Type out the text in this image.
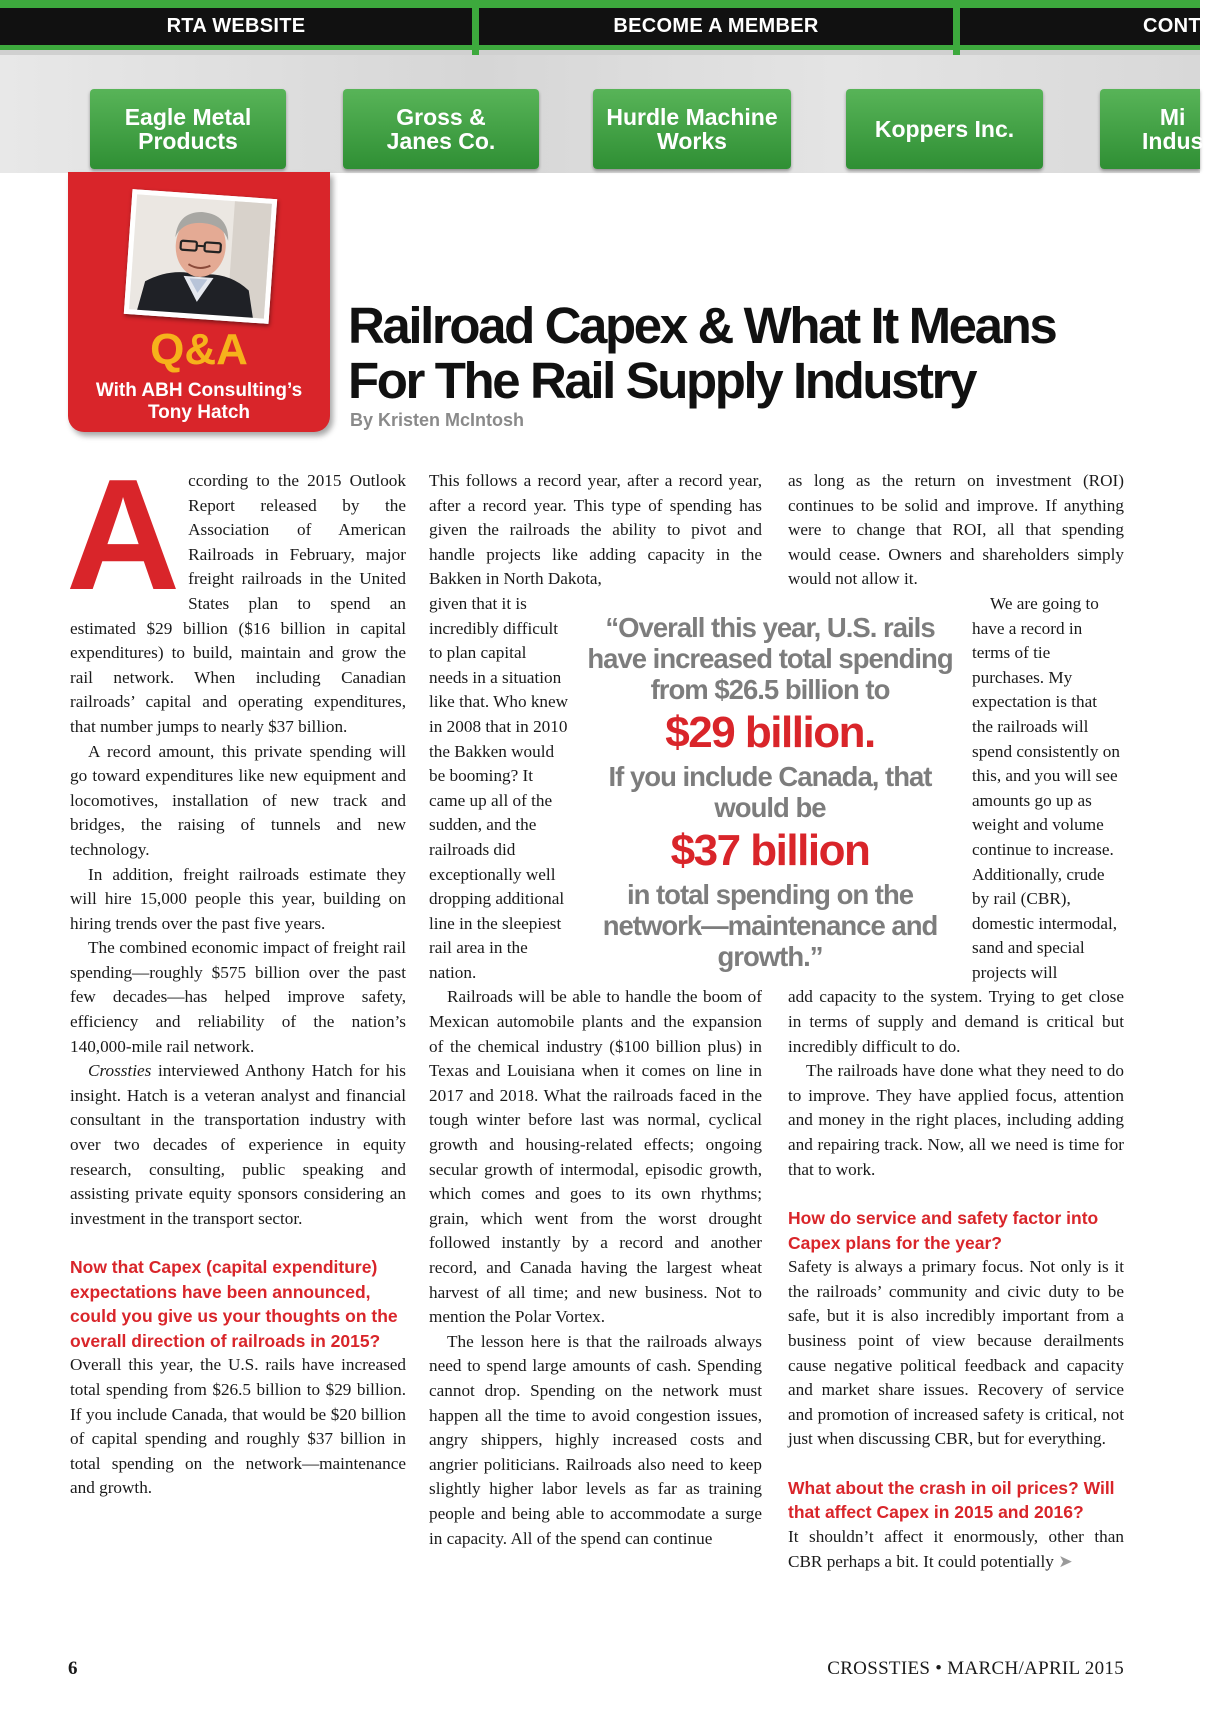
RTA WEBSITE	BECOME A MEMBER	CONTA
Eagle Metal
Products
Gross &
Janes Co.
Hurdle Machine
Works	Koppers Inc.	Mi
Indus
Q&A
With ABH Consulting’s
Tony Hatch
Railroad Capex & What It Means
For The Rail Supply Industry
By Kristen McIntosh

According to the 2015 Outlook Report released by the Association of American Railroads in February, major freight railroads in the United States plan to spend an estimated $29 billion ($16 billion in capital expenditures) to build, maintain and grow the rail network. When including Canadian railroads’ capital and operating expenditures, that number jumps to nearly $37 billion.

A record amount, this private spending will go toward expenditures like new equipment and locomotives, installation of new track and bridges, the raising of tunnels and new technology.

In addition, freight railroads estimate they will hire 15,000 people this year, building on hiring trends over the past five years.

The combined economic impact of freight rail spending—roughly $575 billion over the past few decades—has helped improve safety, efficiency and reliability of the nation’s 140,000-mile rail network.

Crossties interviewed Anthony Hatch for his insight. Hatch is a veteran analyst and financial consultant in the transportation industry with over two decades of experience in equity research, consulting, public speaking and assisting private equity sponsors considering an investment in the transport sector.

Now that Capex (capital expenditure) expectations have been announced, could you give us your thoughts on the overall direction of railroads in 2015?

Overall this year, the U.S. rails have increased total spending from $26.5 billion to $29 billion. If you include Canada, that would be $20 billion of capital spending and roughly $37 billion in total spending on the network—maintenance and growth.

This follows a record year, after a record year, after a record year. This type of spending has given the railroads the ability to pivot and handle projects like adding capacity in the Bakken in North Dakota,

given that it is incredibly difficult to plan capital needs in a situation like that. Who knew in 2008 that in 2010 the Bakken would be booming? It came up all of the sudden, and the railroads did exceptionally well dropping additional line in the sleepiest rail area in the nation.

Railroads will be able to handle the boom of Mexican automobile plants and the expansion of the chemical industry ($100 billion plus) in Texas and Louisiana when it comes on line in 2017 and 2018. What the railroads faced in the tough winter before last was normal, cyclical growth and housing-related effects; ongoing secular growth of intermodal, episodic growth, which comes and goes to its own rhythms; grain, which went from the worst drought followed instantly by a record and another record, and Canada having the largest wheat harvest of all time; and new business. Not to mention the Polar Vortex.

The lesson here is that the railroads always need to spend large amounts of cash. Spending cannot drop. Spending on the network must happen all the time to avoid congestion issues, angry shippers, highly increased costs and angrier politicians. Railroads also need to keep slightly higher labor levels as far as training people and being able to accommodate a surge in capacity. All of the spend can continue

“Overall this year, U.S. rails have increased total spending from $26.5 billion to
$29 billion.
If you include Canada, that would be
$37 billion
in total spending on the network—maintenance and growth.”

as long as the return on investment (ROI) continues to be solid and improve. If anything were to change that ROI, all that spending would cease. Owners and shareholders simply would not allow it.

We are going to have a record in terms of tie purchases. My expectation is that the railroads will spend consistently on this, and you will see amounts go up as weight and volume continue to increase. Additionally, crude by rail (CBR), domestic intermodal, sand and special projects will

add capacity to the system. Trying to get close in terms of supply and demand is critical but incredibly difficult to do.

The railroads have done what they need to do to improve. They have applied focus, attention and money in the right places, including adding and repairing track. Now, all we need is time for that to work.

How do service and safety factor into Capex plans for the year?

Safety is always a primary focus. Not only is it the railroads’ community and civic duty to be safe, but it is also incredibly important from a business point of view because derailments cause negative political feedback and capacity and market share issues. Recovery of service and promotion of increased safety is critical, not just when discussing CBR, but for everything.

What about the crash in oil prices? Will that affect Capex in 2015 and 2016?

It shouldn’t affect it enormously, other than CBR perhaps a bit. It could potentially ➤

6	CROSSTIES • MARCH/APRIL 2015
